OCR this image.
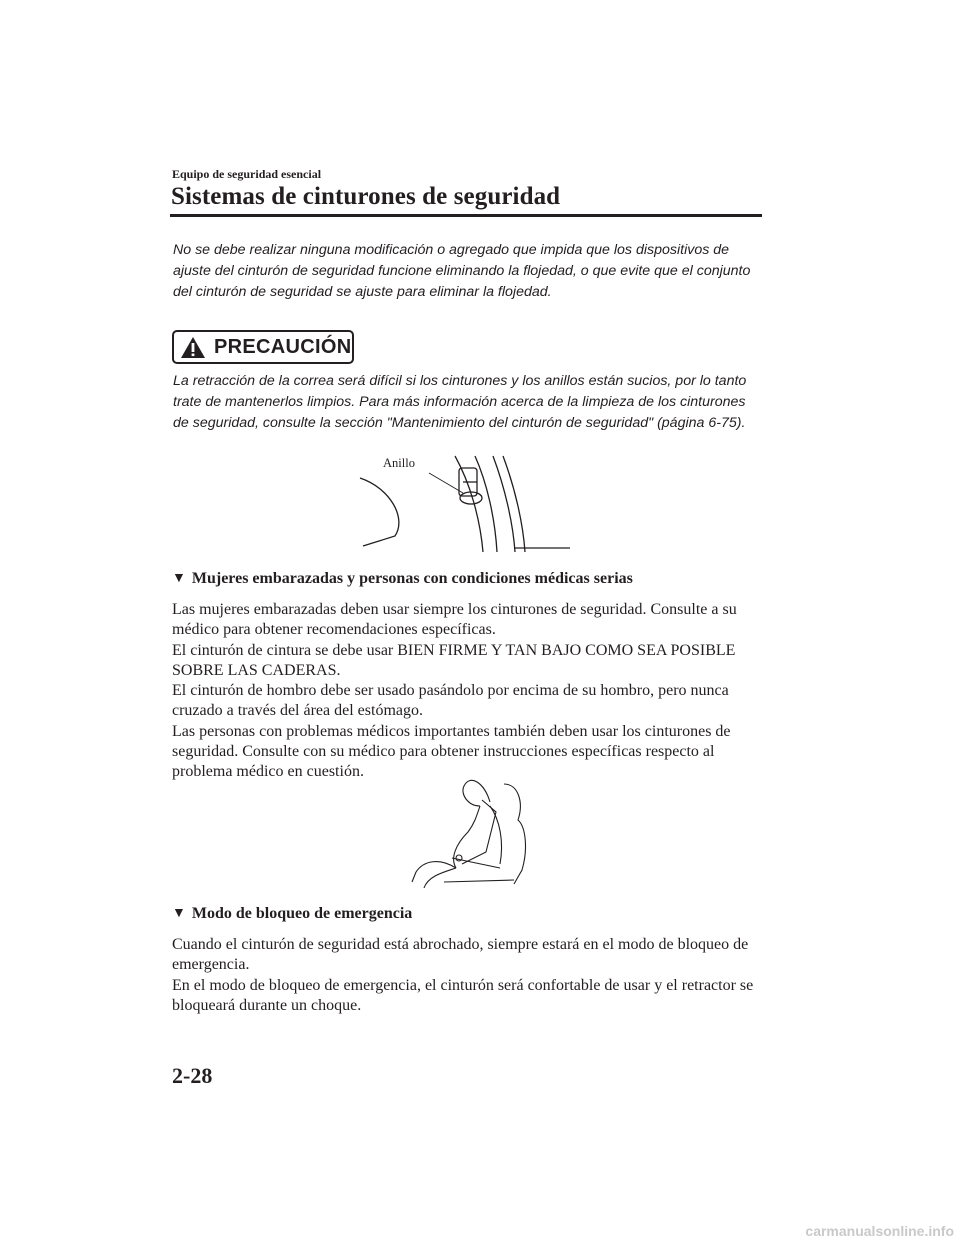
Equipo de seguridad esencial
Sistemas de cinturones de seguridad
No se debe realizar ninguna modificación o agregado que impida que los dispositivos de ajuste del cinturón de seguridad funcione eliminando la flojedad, o que evite que el conjunto del cinturón de seguridad se ajuste para eliminar la flojedad.
PRECAUCIÓN
La retracción de la correa será difícil si los cinturones y los anillos están sucios, por lo tanto trate de mantenerlos limpios. Para más información acerca de la limpieza de los cinturones de seguridad, consulte la sección "Mantenimiento del cinturón de seguridad" (página 6-75).
Anillo
▼ Mujeres embarazadas y personas con condiciones médicas serias

Las mujeres embarazadas deben usar siempre los cinturones de seguridad. Consulte a su médico para obtener recomendaciones específicas.

El cinturón de cintura se debe usar BIEN FIRME Y TAN BAJO COMO SEA POSIBLE SOBRE LAS CADERAS.

El cinturón de hombro debe ser usado pasándolo por encima de su hombro, pero nunca cruzado a través del área del estómago.

Las personas con problemas médicos importantes también deben usar los cinturones de seguridad. Consulte con su médico para obtener instrucciones específicas respecto al problema médico en cuestión.

▼ Modo de bloqueo de emergencia

Cuando el cinturón de seguridad está abrochado, siempre estará en el modo de bloqueo de emergencia.

En el modo de bloqueo de emergencia, el cinturón será confortable de usar y el retractor se bloqueará durante un choque.

2-28
carmanualsonline.info
